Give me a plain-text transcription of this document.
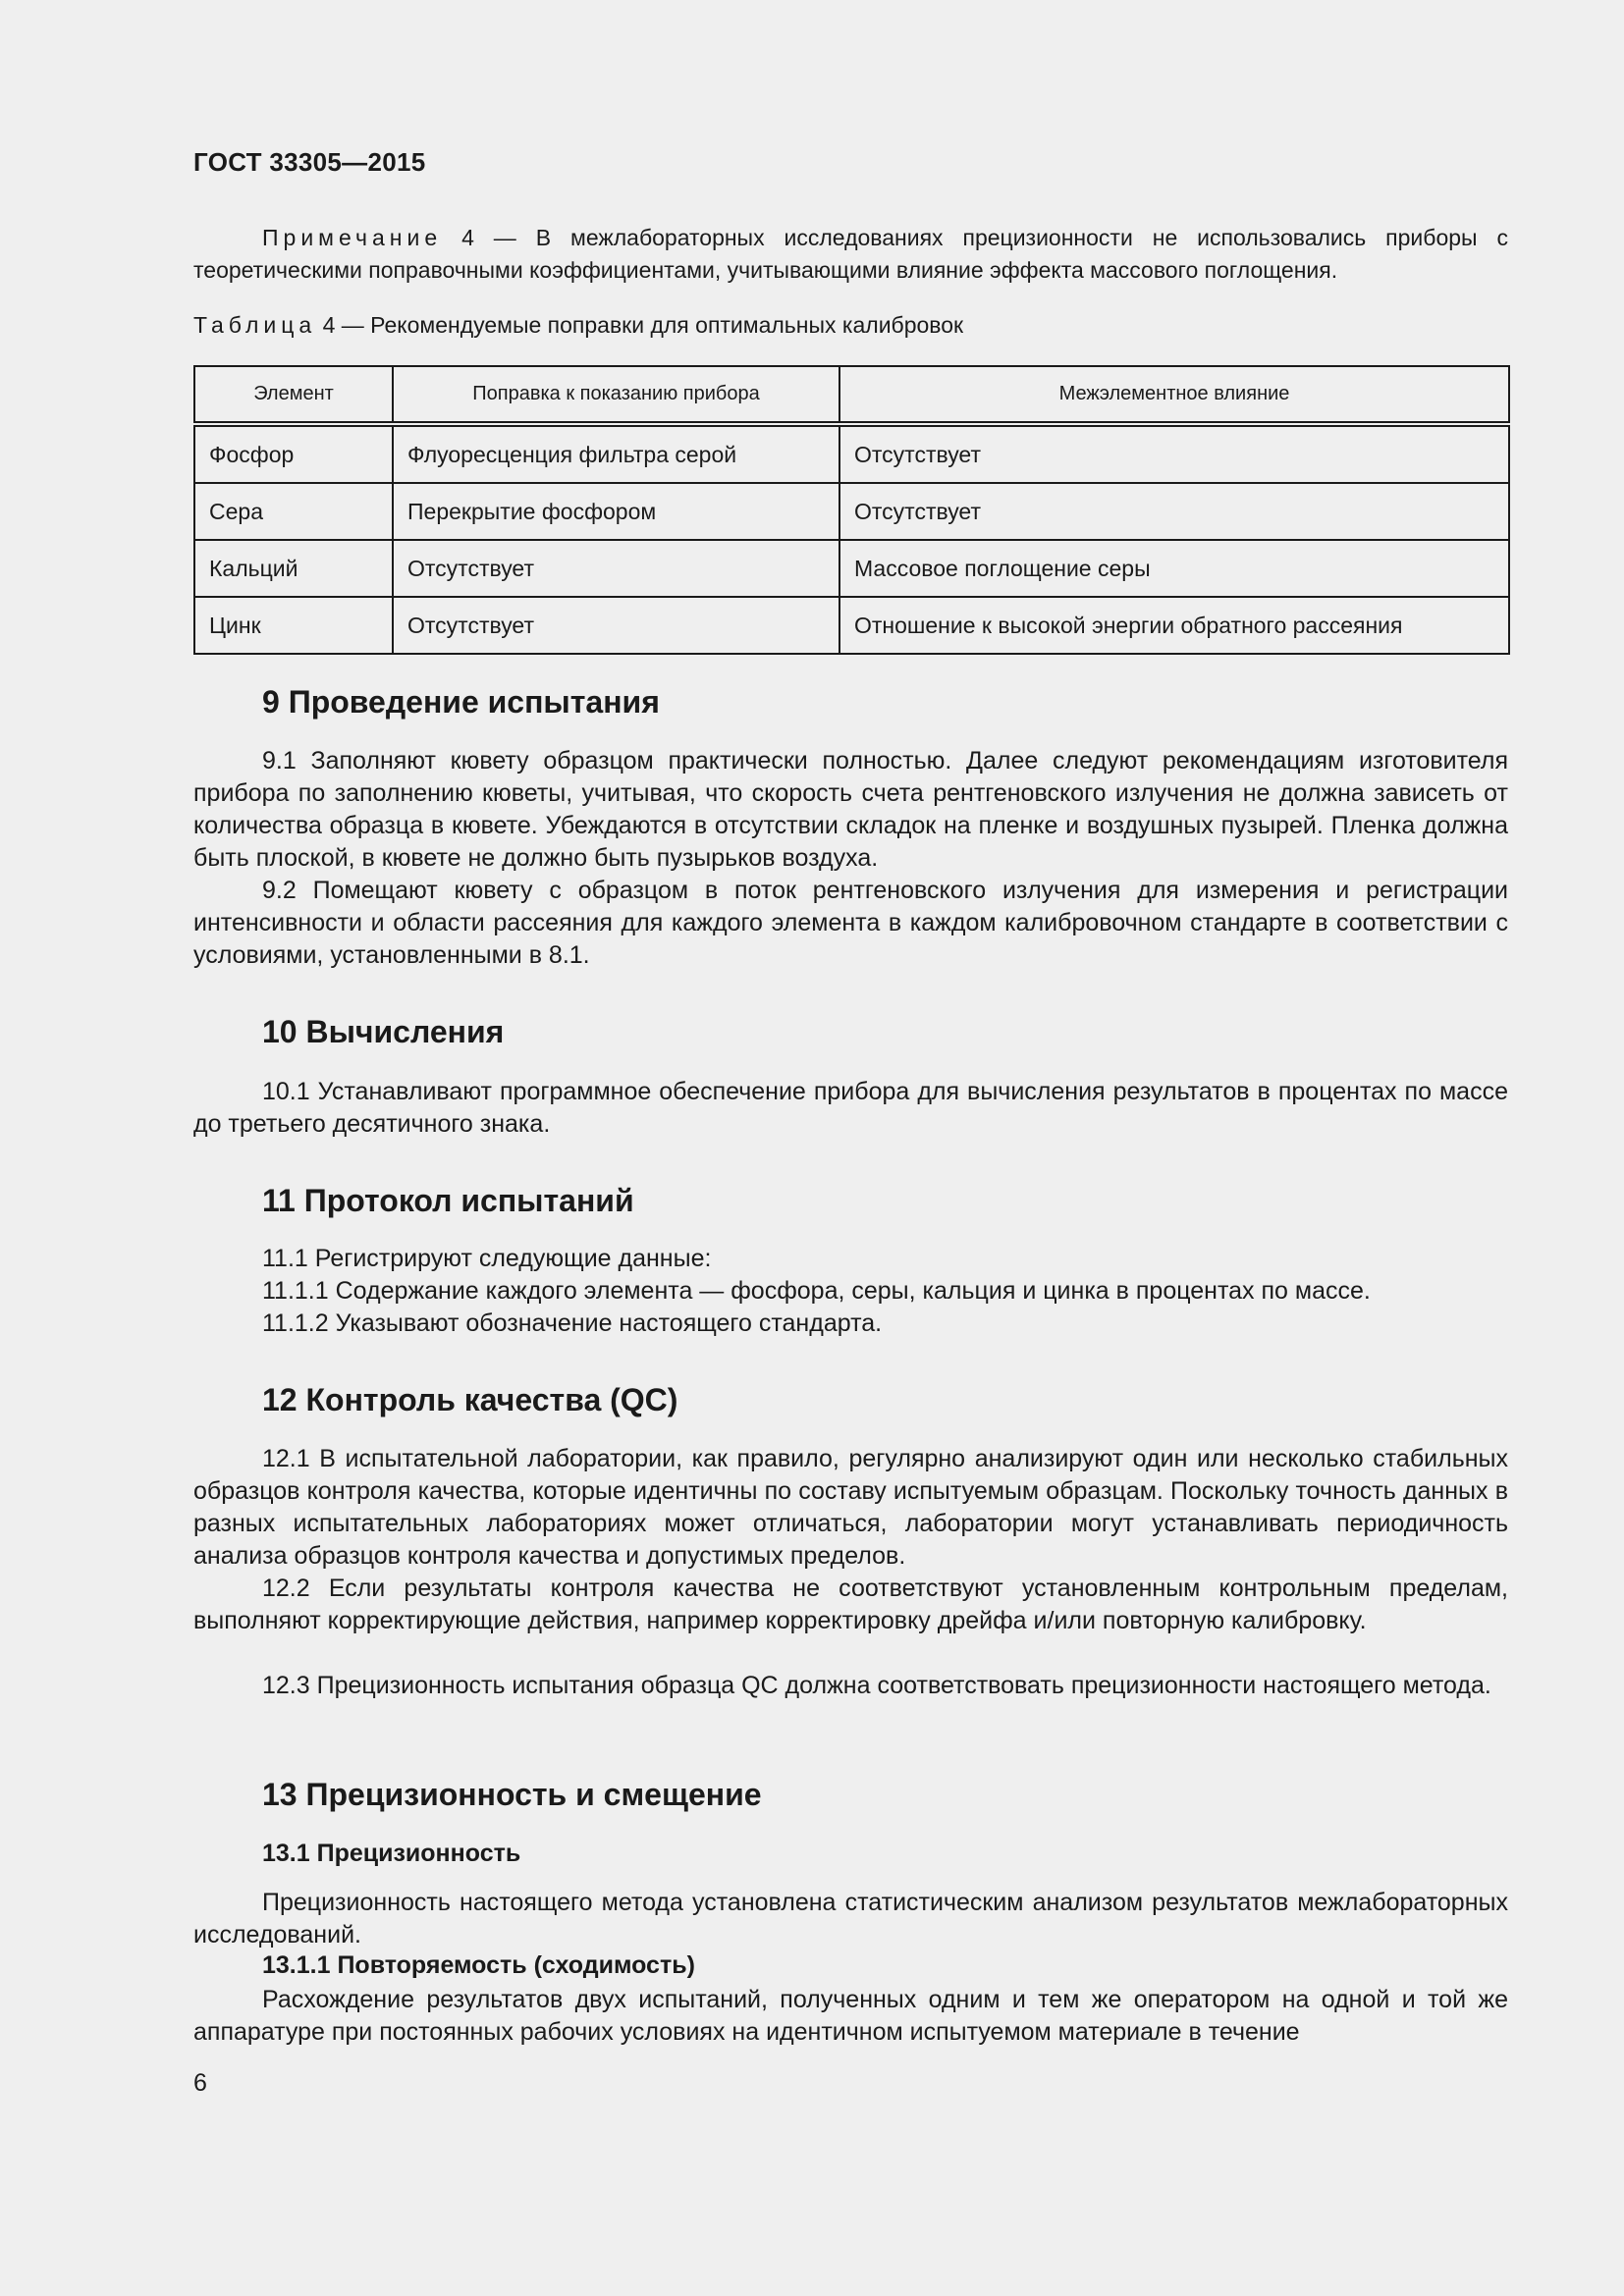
ГОСТ 33305—2015
Примечание 4 — В межлабораторных исследованиях прецизионности не использовались приборы с теоретическими поправочными коэффициентами, учитывающими влияние эффекта массового поглощения.
Таблица 4 — Рекомендуемые поправки для оптимальных калибровок
Элемент	Поправка к показанию прибора	Межэлементное влияние
Фосфор	Флуоресценция фильтра серой	Отсутствует
Сера	Перекрытие фосфором	Отсутствует
Кальций	Отсутствует	Массовое поглощение серы
Цинк	Отсутствует	Отношение к высокой энергии обратного рассеяния
9 Проведение испытания
9.1 Заполняют кювету образцом практически полностью. Далее следуют рекомендациям изготовителя прибора по заполнению кюветы, учитывая, что скорость счета рентгеновского излучения не должна зависеть от количества образца в кювете. Убеждаются в отсутствии складок на пленке и воздушных пузырей. Пленка должна быть плоской, в кювете не должно быть пузырьков воздуха.
9.2 Помещают кювету с образцом в поток рентгеновского излучения для измерения и регистрации интенсивности и области рассеяния для каждого элемента в каждом калибровочном стандарте в соответствии с условиями, установленными в 8.1.
10 Вычисления
10.1 Устанавливают программное обеспечение прибора для вычисления результатов в процентах по массе до третьего десятичного знака.
11 Протокол испытаний
11.1 Регистрируют следующие данные:
11.1.1 Содержание каждого элемента — фосфора, серы, кальция и цинка в процентах по массе.
11.1.2 Указывают обозначение настоящего стандарта.
12 Контроль качества (QC)
12.1 В испытательной лаборатории, как правило, регулярно анализируют один или несколько стабильных образцов контроля качества, которые идентичны по составу испытуемым образцам. Поскольку точность данных в разных испытательных лабораториях может отличаться, лаборатории могут устанавливать периодичность анализа образцов контроля качества и допустимых пределов.
12.2 Если результаты контроля качества не соответствуют установленным контрольным пределам, выполняют корректирующие действия, например корректировку дрейфа и/или повторную калибровку.
12.3 Прецизионность испытания образца QC должна соответствовать прецизионности настоящего метода.
13 Прецизионность и смещение
13.1 Прецизионность
Прецизионность настоящего метода установлена статистическим анализом результатов межлабораторных исследований.
13.1.1 Повторяемость (сходимость)
Расхождение результатов двух испытаний, полученных одним и тем же оператором на одной и той же аппаратуре при постоянных рабочих условиях на идентичном испытуемом материале в течение
6
